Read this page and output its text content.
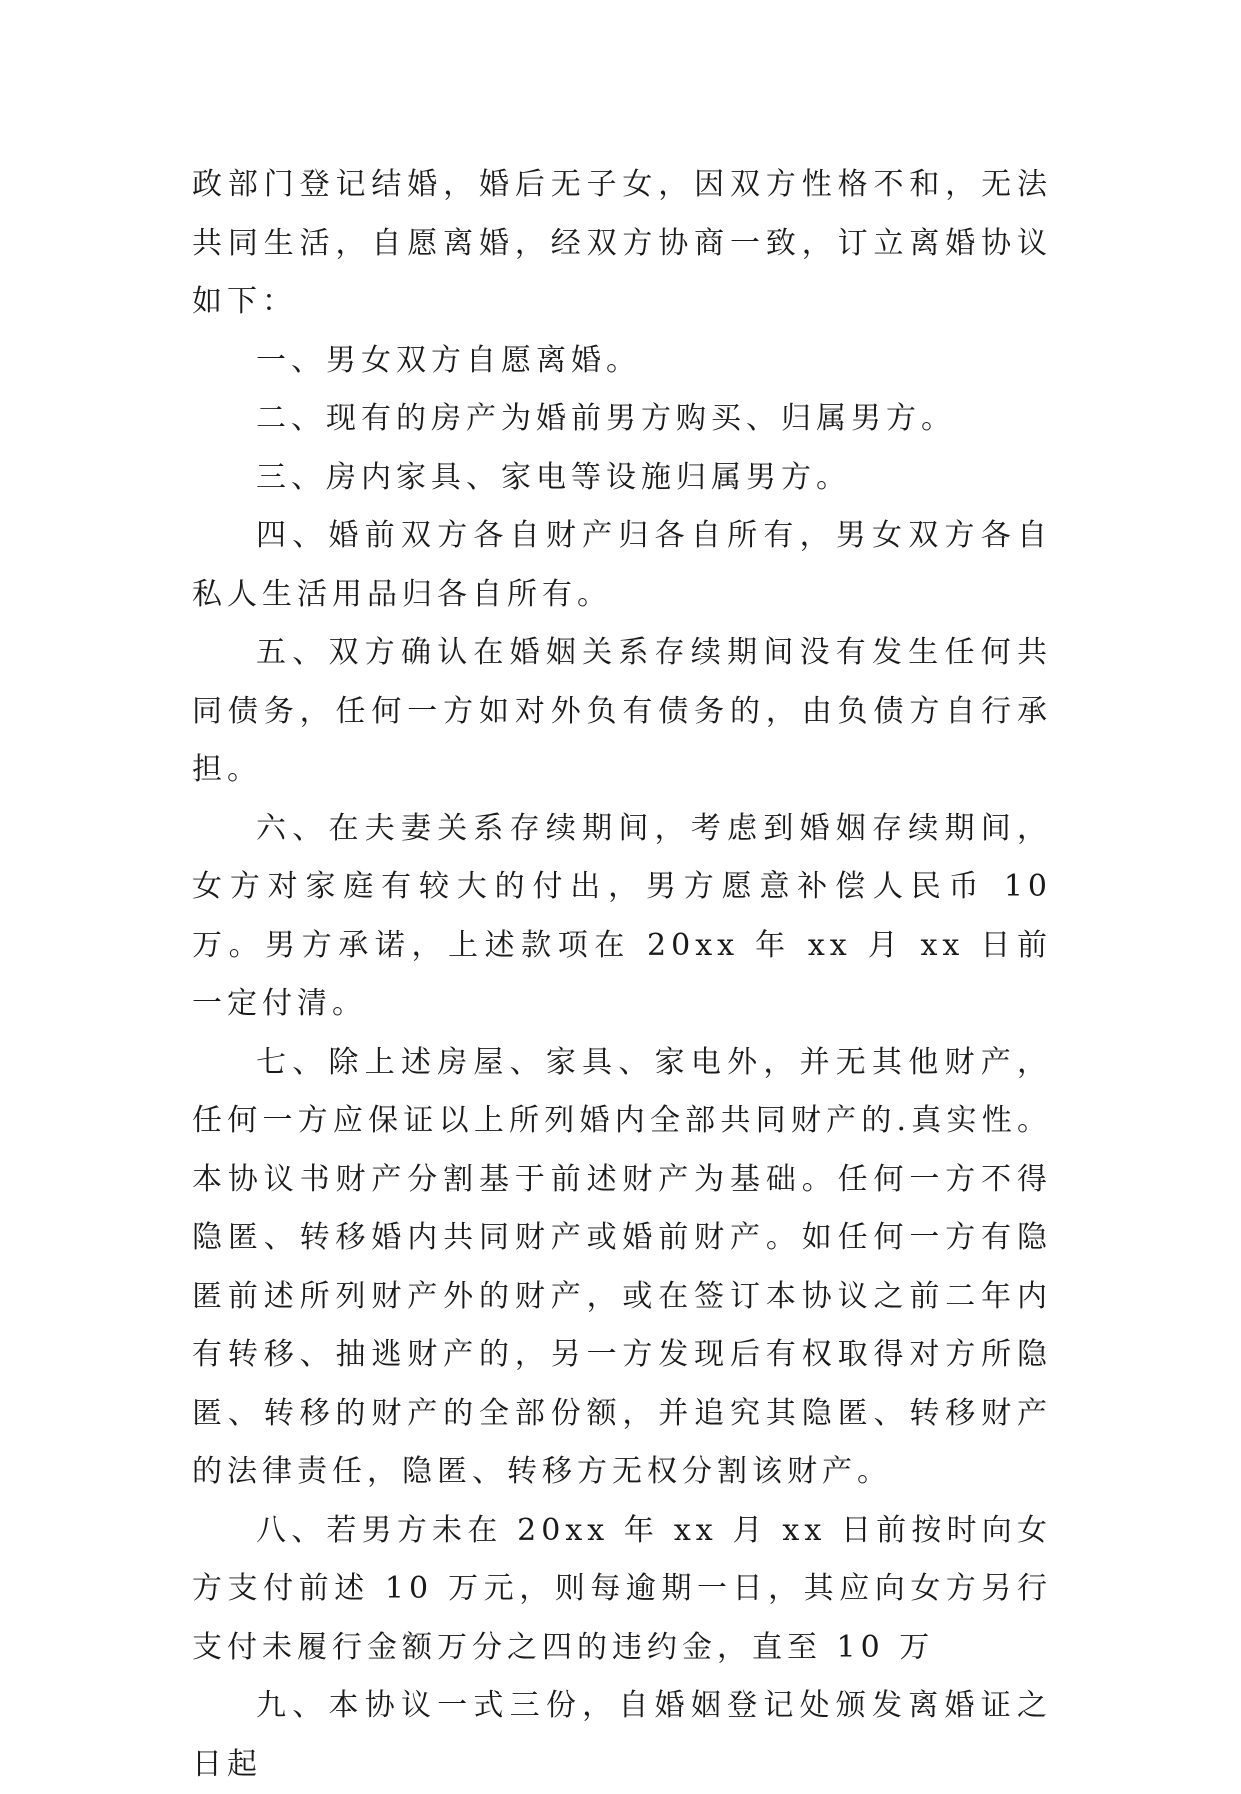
政部门登记结婚，婚后无子女，因双方性格不和，无法共同生活，自愿离婚，经双方协商一致，订立离婚协议如下：

一、男女双方自愿离婚。

二、现有的房产为婚前男方购买、归属男方。

三、房内家具、家电等设施归属男方。

四、婚前双方各自财产归各自所有，男女双方各自私人生活用品归各自所有。

五、双方确认在婚姻关系存续期间没有发生任何共同债务，任何一方如对外负有债务的，由负债方自行承担。

六、在夫妻关系存续期间，考虑到婚姻存续期间，女方对家庭有较大的付出，男方愿意补偿人民币 10 万。男方承诺，上述款项在 20xx 年 xx 月 xx 日前一定付清。

七、除上述房屋、家具、家电外，并无其他财产，任何一方应保证以上所列婚内全部共同财产的.真实性。本协议书财产分割基于前述财产为基础。任何一方不得隐匿、转移婚内共同财产或婚前财产。如任何一方有隐匿前述所列财产外的财产，或在签订本协议之前二年内有转移、抽逃财产的，另一方发现后有权取得对方所隐匿、转移的财产的全部份额，并追究其隐匿、转移财产的法律责任，隐匿、转移方无权分割该财产。

八、若男方未在 20xx 年 xx 月 xx 日前按时向女方支付前述 10 万元，则每逾期一日，其应向女方另行支付未履行金额万分之四的违约金，直至 10 万

九、本协议一式三份，自婚姻登记处颁发离婚证之日起
